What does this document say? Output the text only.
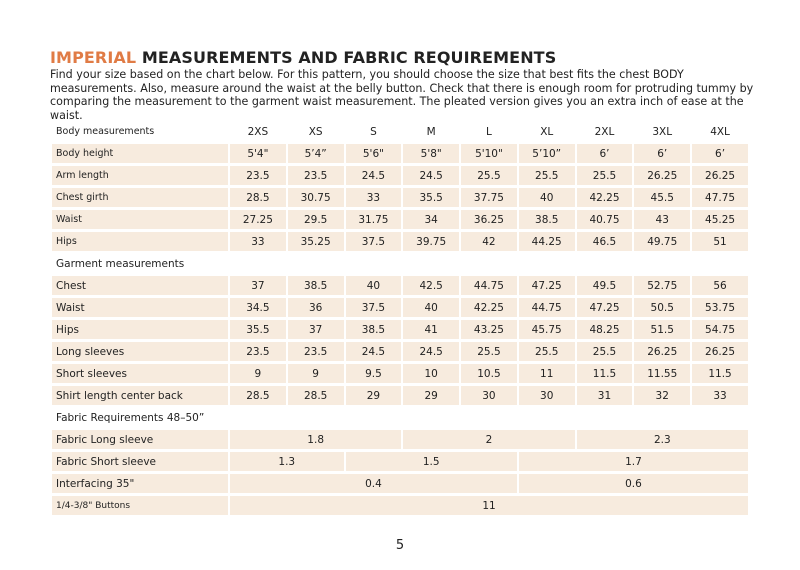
IMPERIAL MEASUREMENTS AND FABRIC REQUIREMENTS
Find your size based on the chart below. For this pattern, you should choose the size that best fits the chest BODY measurements. Also, measure around the waist at the belly button. Check that there is enough room for protruding tummy by comparing the measurement to the garment waist measurement. The pleated version gives you an extra inch of ease at the waist.
Body measurements	2XS	XS	S	M	L	XL	2XL	3XL	4XL
Body height	5'4"	5’4”	5'6"	5'8"	5'10"	5’10”	6’	6’	6’
Arm length	23.5	23.5	24.5	24.5	25.5	25.5	25.5	26.25	26.25
Chest girth	28.5	30.75	33	35.5	37.75	40	42.25	45.5	47.75
Waist	27.25	29.5	31.75	34	36.25	38.5	40.75	43	45.25
Hips	33	35.25	37.5	39.75	42	44.25	46.5	49.75	51
Garment measurements									
Chest	37	38.5	40	42.5	44.75	47.25	49.5	52.75	56
Waist	34.5	36	37.5	40	42.25	44.75	47.25	50.5	53.75
Hips	35.5	37	38.5	41	43.25	45.75	48.25	51.5	54.75
Long sleeves	23.5	23.5	24.5	24.5	25.5	25.5	25.5	26.25	26.25
Short sleeves	9	9	9.5	10	10.5	11	11.5	11.55	11.5
Shirt length center back	28.5	28.5	29	29	30	30	31	32	33
Fabric Requirements 48–50”									
Fabric Long sleeve	1.8			2			2.3		
Fabric Short sleeve	1.3		1.5			1.7			
Interfacing 35"	0.4					0.6			
1/4-3/8" Buttons	11								
5
